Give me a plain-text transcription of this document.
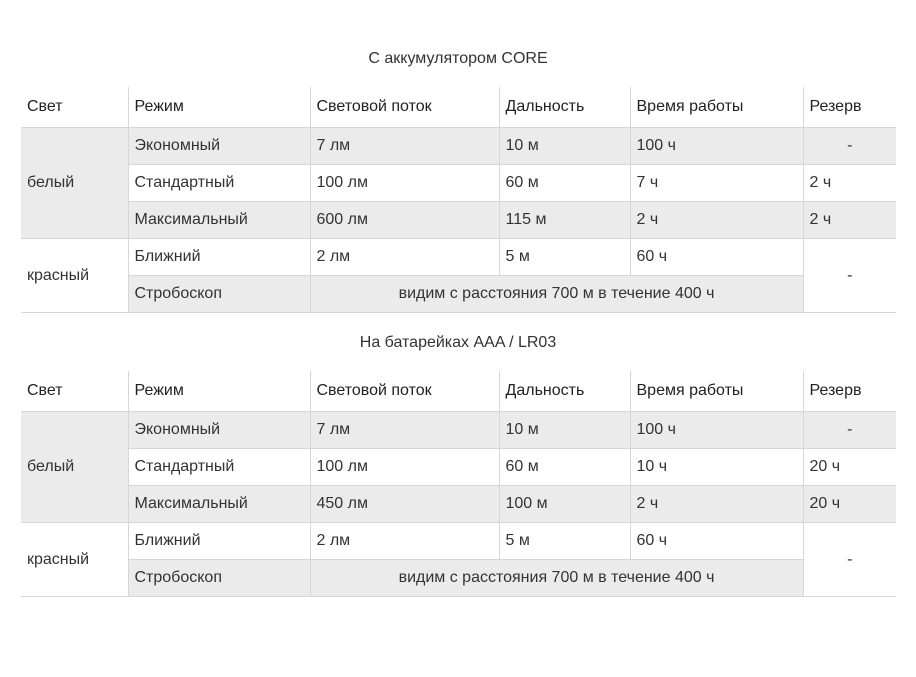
С аккумулятором CORE
Свет	Режим	Световой поток	Дальность	Время работы	Резерв
белый	Экономный	7 лм	10 м	100 ч	-
	Стандартный	100 лм	60 м	7 ч	2 ч
	Максимальный	600 лм	115 м	2 ч	2 ч
красный	Ближний	2 лм	5 м	60 ч	-
	Стробоскоп	видим с расстояния 700 м в течение 400 ч			
На батарейках AAA / LR03
Свет	Режим	Световой поток	Дальность	Время работы	Резерв
белый	Экономный	7 лм	10 м	100 ч	-
	Стандартный	100 лм	60 м	10 ч	20 ч
	Максимальный	450 лм	100 м	2 ч	20 ч
красный	Ближний	2 лм	5 м	60 ч	-
	Стробоскоп	видим с расстояния 700 м в течение 400 ч			
